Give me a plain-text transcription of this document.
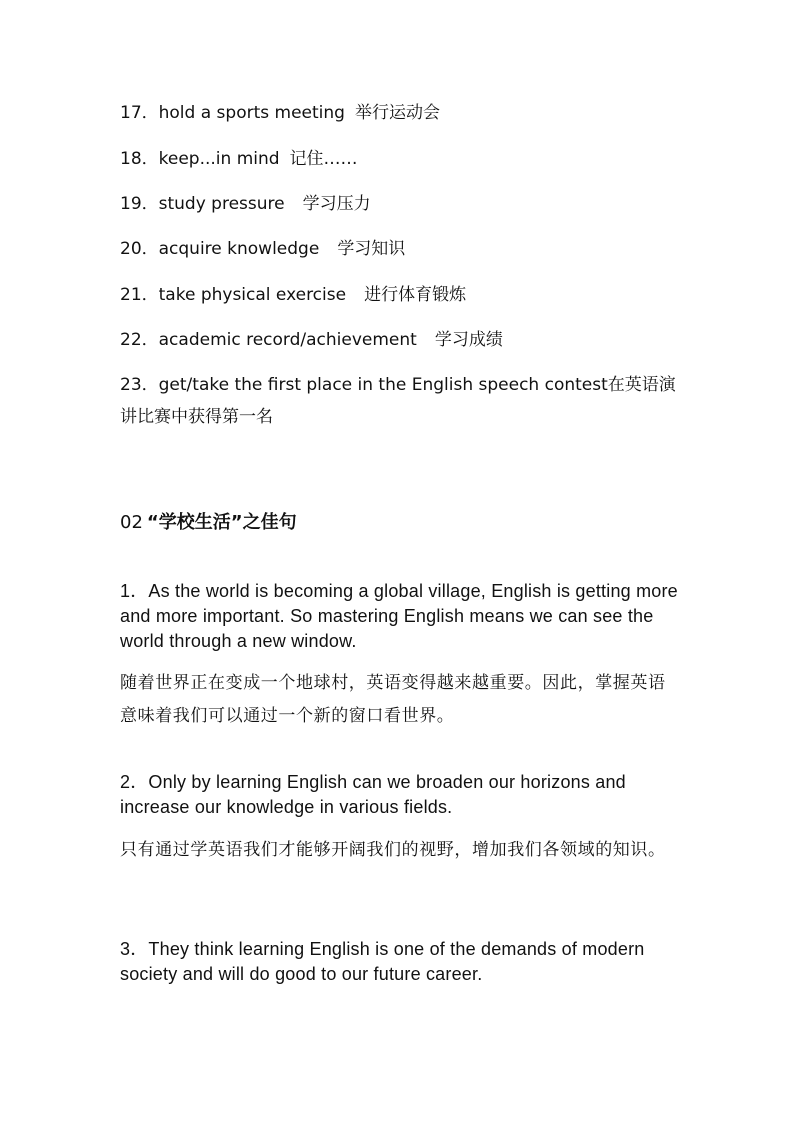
17．hold a sports meeting 举行运动会
18．keep...in mind 记住……
19．study pressure 学习压力
20．acquire knowledge 学习知识
21．take physical exercise 进行体育锻炼
22．academic record/achievement 学习成绩
23．get/take the first place in the English speech contest在英语演讲比赛中获得第一名
02 “学校生活”之佳句
1．As the world is becoming a global village, English is getting more and more important. So mastering English means we can see the world through a new window.
随着世界正在变成一个地球村，英语变得越来越重要。因此，掌握英语意味着我们可以通过一个新的窗口看世界。
2．Only by learning English can we broaden our horizons and increase our knowledge in various fields.
只有通过学英语我们才能够开阔我们的视野，增加我们各领域的知识。
3．They think learning English is one of the demands of modern society and will do good to our future career.
